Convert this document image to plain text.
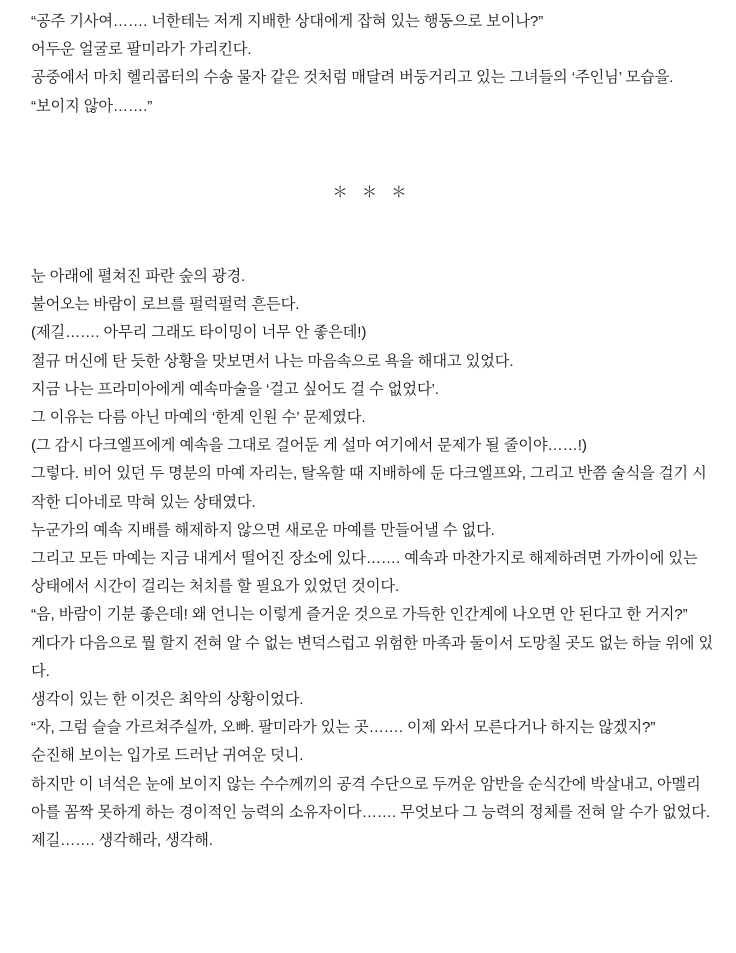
“공주 기사여……. 너한테는 저게 지배한 상대에게 잡혀 있는 행동으로 보이나?”

어두운 얼굴로 팔미라가 가리킨다.

공중에서 마치 헬리콥터의 수송 물자 같은 것처럼 매달려 버둥거리고 있는 그녀들의 ‘주인님’ 모습을.

“보이지 않아…….”

＊ ＊ ＊

눈 아래에 펼쳐진 파란 숲의 광경.

불어오는 바람이 로브를 펄럭펄럭 흔든다.

(제길……. 아무리 그래도 타이밍이 너무 안 좋은데!)

절규 머신에 탄 듯한 상황을 맛보면서 나는 마음속으로 욕을 해대고 있었다.

지금 나는 프라미아에게 예속마술을 ‘걸고 싶어도 걸 수 없었다’.

그 이유는 다름 아닌 마예의 ‘한계 인원 수’ 문제였다.

(그 감시 다크엘프에게 예속을 그대로 걸어둔 게 설마 여기에서 문제가 될 줄이야……!)

그렇다. 비어 있던 두 명분의 마예 자리는, 탈옥할 때 지배하에 둔 다크엘프와, 그리고 반쯤 술식을 걸기 시작한 디아네로 막혀 있는 상태였다.

누군가의 예속 지배를 해제하지 않으면 새로운 마예를 만들어낼 수 없다.

그리고 모든 마예는 지금 내게서 떨어진 장소에 있다……. 예속과 마찬가지로 해제하려면 가까이에 있는 상태에서 시간이 걸리는 처치를 할 필요가 있었던 것이다.

“음, 바람이 기분 좋은데! 왜 언니는 이렇게 즐거운 것으로 가득한 인간계에 나오면 안 된다고 한 거지?”

게다가 다음으로 뭘 할지 전혀 알 수 없는 변덕스럽고 위험한 마족과 둘이서 도망칠 곳도 없는 하늘 위에 있다.

생각이 있는 한 이것은 최악의 상황이었다.

“자, 그럼 슬슬 가르쳐주실까, 오빠. 팔미라가 있는 곳……. 이제 와서 모른다거나 하지는 않겠지?”

순진해 보이는 입가로 드러난 귀여운 덧니.

하지만 이 녀석은 눈에 보이지 않는 수수께끼의 공격 수단으로 두꺼운 암반을 순식간에 박살내고, 아멜리아를 꼼짝 못하게 하는 경이적인 능력의 소유자이다……. 무엇보다 그 능력의 정체를 전혀 알 수가 없었다.

제길……. 생각해라, 생각해.
